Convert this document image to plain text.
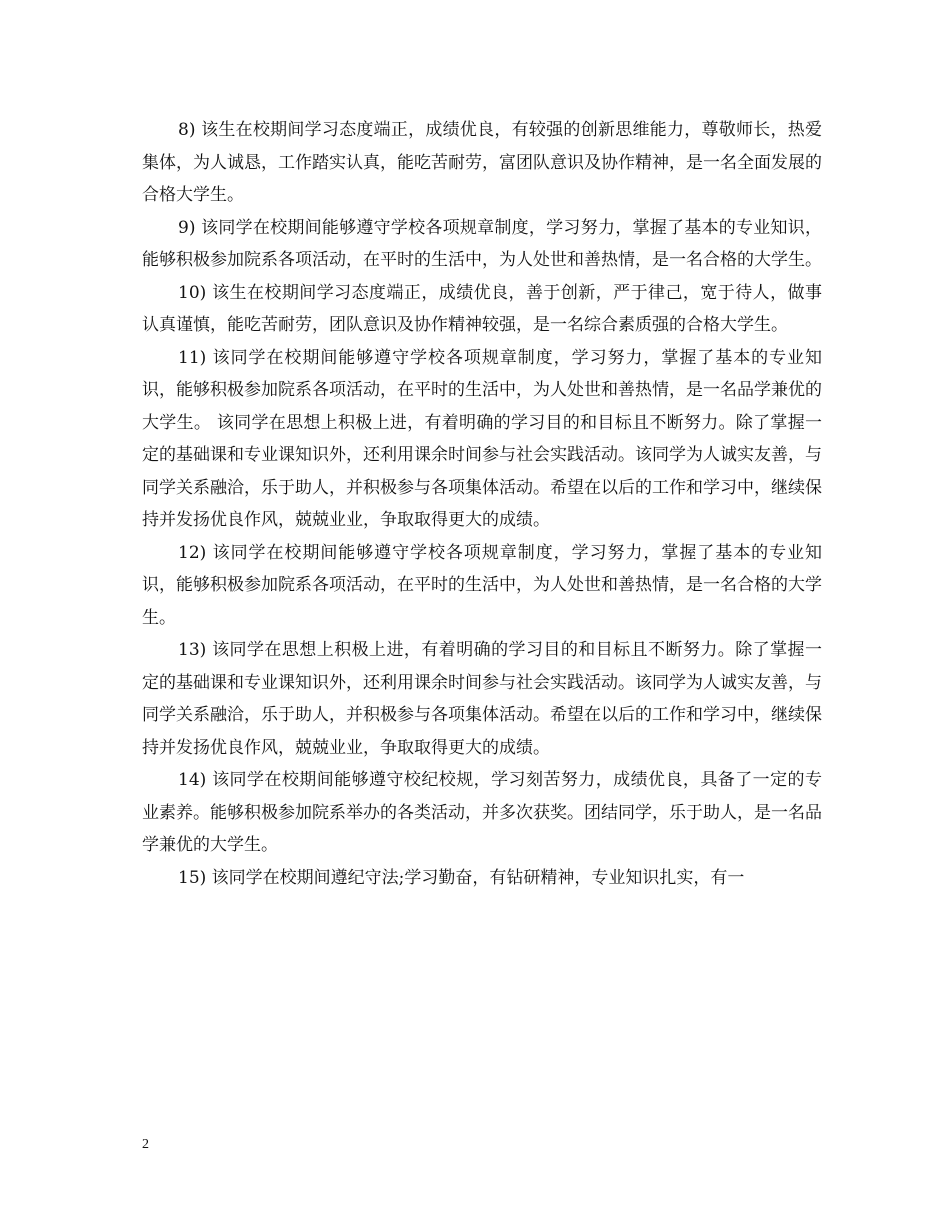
8) 该生在校期间学习态度端正，成绩优良，有较强的创新思维能力，尊敬师长，热爱集体，为人诚恳，工作踏实认真，能吃苦耐劳，富团队意识及协作精神，是一名全面发展的合格大学生。

9) 该同学在校期间能够遵守学校各项规章制度，学习努力，掌握了基本的专业知识，能够积极参加院系各项活动，在平时的生活中，为人处世和善热情，是一名合格的大学生。

10) 该生在校期间学习态度端正，成绩优良，善于创新，严于律己，宽于待人，做事认真谨慎，能吃苦耐劳，团队意识及协作精神较强，是一名综合素质强的合格大学生。

11) 该同学在校期间能够遵守学校各项规章制度，学习努力，掌握了基本的专业知识，能够积极参加院系各项活动，在平时的生活中，为人处世和善热情，是一名品学兼优的大学生。 该同学在思想上积极上进，有着明确的学习目的和目标且不断努力。除了掌握一定的基础课和专业课知识外，还利用课余时间参与社会实践活动。该同学为人诚实友善，与同学关系融洽，乐于助人，并积极参与各项集体活动。希望在以后的工作和学习中，继续保持并发扬优良作风，兢兢业业，争取取得更大的成绩。

12) 该同学在校期间能够遵守学校各项规章制度，学习努力，掌握了基本的专业知识，能够积极参加院系各项活动，在平时的生活中，为人处世和善热情，是一名合格的大学生。

13) 该同学在思想上积极上进，有着明确的学习目的和目标且不断努力。除了掌握一定的基础课和专业课知识外，还利用课余时间参与社会实践活动。该同学为人诚实友善，与同学关系融洽，乐于助人，并积极参与各项集体活动。希望在以后的工作和学习中，继续保持并发扬优良作风，兢兢业业，争取取得更大的成绩。

14) 该同学在校期间能够遵守校纪校规，学习刻苦努力，成绩优良，具备了一定的专业素养。能够积极参加院系举办的各类活动，并多次获奖。团结同学，乐于助人，是一名品学兼优的大学生。

15) 该同学在校期间遵纪守法;学习勤奋，有钻研精神，专业知识扎实，有一

2
